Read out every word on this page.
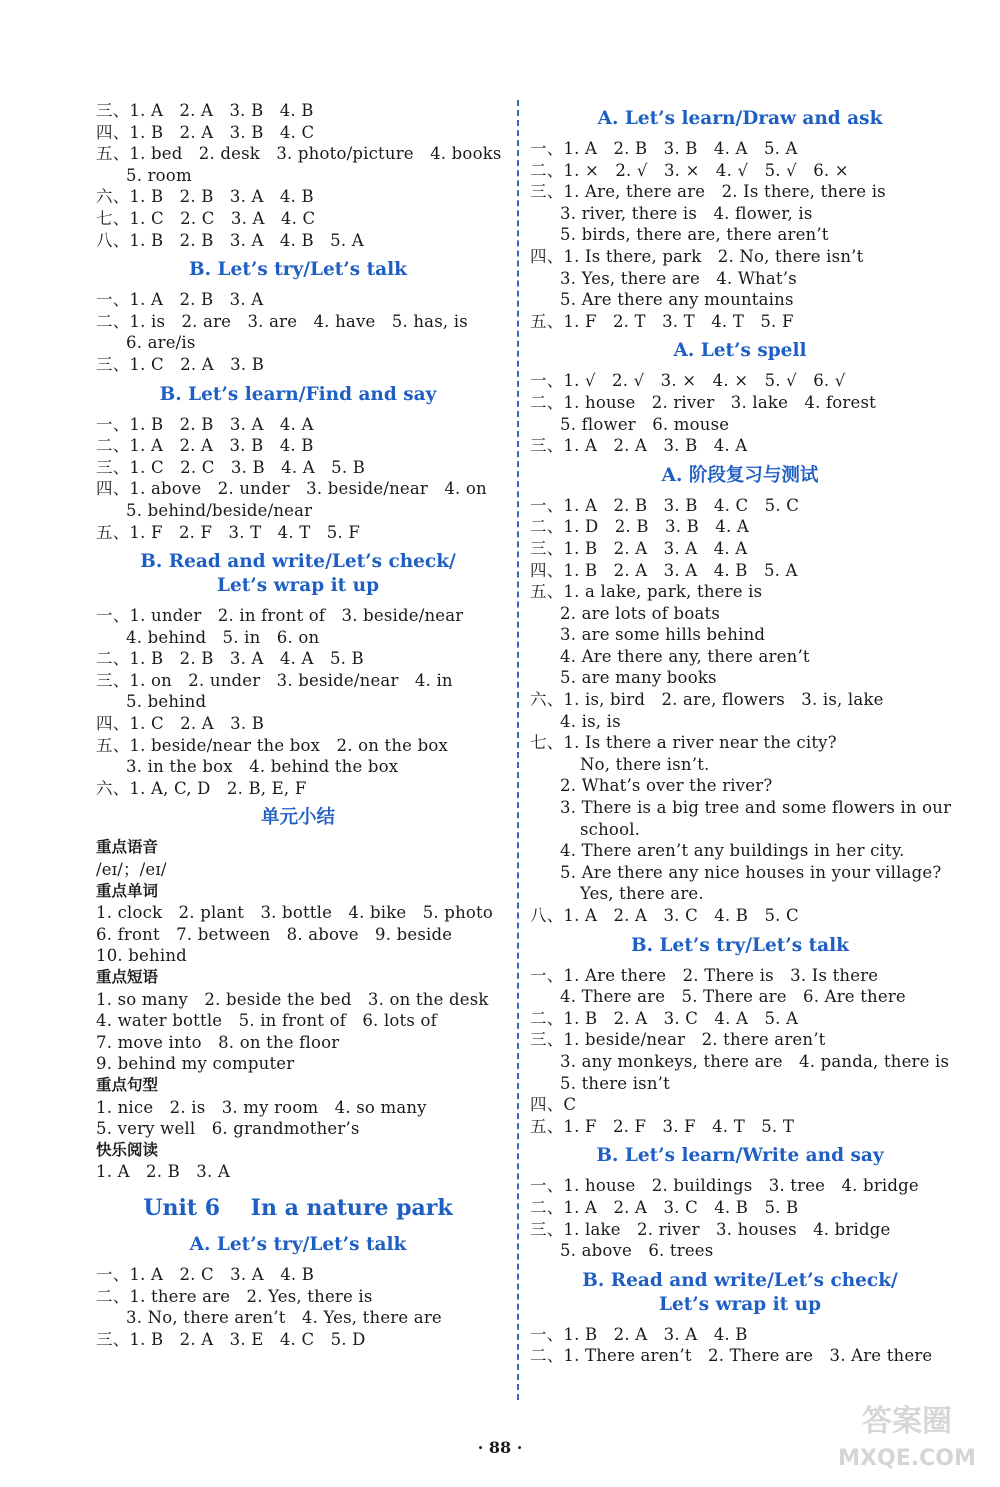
三、1. A   2. A   3. B   4. B
四、1. B   2. A   3. B   4. C
五、1. bed   2. desk   3. photo/picture   4. books
5. room
六、1. B   2. B   3. A   4. B
七、1. C   2. C   3. A   4. C
八、1. B   2. B   3. A   4. B   5. A
B. Let’s try/Let’s talk
一、1. A   2. B   3. A
二、1. is   2. are   3. are   4. have   5. has, is
6. are/is
三、1. C   2. A   3. B
B. Let’s learn/Find and say
一、1. B   2. B   3. A   4. A
二、1. A   2. A   3. B   4. B
三、1. C   2. C   3. B   4. A   5. B
四、1. above   2. under   3. beside/near   4. on
5. behind/beside/near
五、1. F   2. F   3. T   4. T   5. F
B. Read and write/Let’s check/
Let’s wrap it up
一、1. under   2. in front of   3. beside/near
4. behind   5. in   6. on
二、1. B   2. B   3. A   4. A   5. B
三、1. on   2. under   3. beside/near   4. in
5. behind
四、1. C   2. A   3. B
五、1. beside/near the box   2. on the box
3. in the box   4. behind the box
六、1. A, C, D   2. B, E, F
单元小结
重点语音
/eɪ/；/eɪ/
重点单词
1. clock   2. plant   3. bottle   4. bike   5. photo
6. front   7. between   8. above   9. beside
10. behind
重点短语
1. so many   2. beside the bed   3. on the desk
4. water bottle   5. in front of   6. lots of
7. move into   8. on the floor
9. behind my computer
重点句型
1. nice   2. is   3. my room   4. so many
5. very well   6. grandmother’s
快乐阅读
1. A   2. B   3. A
Unit 6    In a nature park
A. Let’s try/Let’s talk
一、1. A   2. C   3. A   4. B
二、1. there are   2. Yes, there is
3. No, there aren’t   4. Yes, there are
三、1. B   2. A   3. E   4. C   5. D
A. Let’s learn/Draw and ask
一、1. A   2. B   3. B   4. A   5. A
二、1. ×   2. √   3. ×   4. √   5. √   6. ×
三、1. Are, there are   2. Is there, there is
3. river, there is   4. flower, is
5. birds, there are, there aren’t
四、1. Is there, park   2. No, there isn’t
3. Yes, there are   4. What’s
5. Are there any mountains
五、1. F   2. T   3. T   4. T   5. F
A. Let’s spell
一、1. √   2. √   3. ×   4. ×   5. √   6. √
二、1. house   2. river   3. lake   4. forest
5. flower   6. mouse
三、1. A   2. A   3. B   4. A
A. 阶段复习与测试
一、1. A   2. B   3. B   4. C   5. C
二、1. D   2. B   3. B   4. A
三、1. B   2. A   3. A   4. A
四、1. B   2. A   3. A   4. B   5. A
五、1. a lake, park, there is
2. are lots of boats
3. are some hills behind
4. Are there any, there aren’t
5. are many books
六、1. is, bird   2. are, flowers   3. is, lake
4. is, is
七、1. Is there a river near the city?
No, there isn’t.
2. What’s over the river?
3. There is a big tree and some flowers in our
school.
4. There aren’t any buildings in her city.
5. Are there any nice houses in your village?
Yes, there are.
八、1. A   2. A   3. C   4. B   5. C
B. Let’s try/Let’s talk
一、1. Are there   2. There is   3. Is there
4. There are   5. There are   6. Are there
二、1. B   2. A   3. C   4. A   5. A
三、1. beside/near   2. there aren’t
3. any monkeys, there are   4. panda, there is
5. there isn’t
四、C
五、1. F   2. F   3. F   4. T   5. T
B. Let’s learn/Write and say
一、1. house   2. buildings   3. tree   4. bridge
二、1. A   2. A   3. C   4. B   5. B
三、1. lake   2. river   3. houses   4. bridge
5. above   6. trees
B. Read and write/Let’s check/
Let’s wrap it up
一、1. B   2. A   3. A   4. B
二、1. There aren’t   2. There are   3. Are there
· 88 ·
答案圈
MXQE.COM
